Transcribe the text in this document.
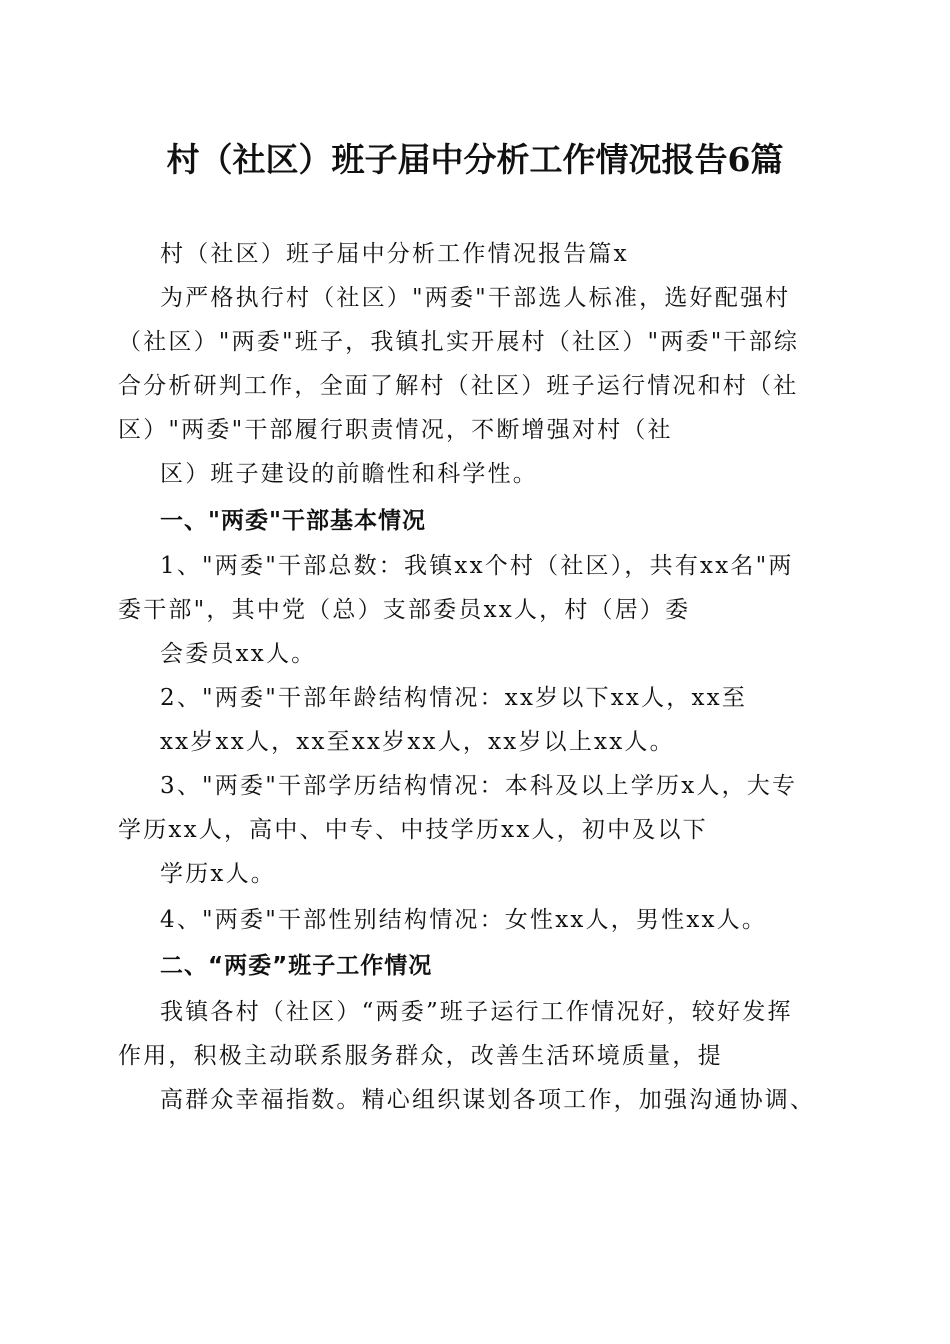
村（社区）班子届中分析工作情况报告6篇
村（社区）班子届中分析工作情况报告篇x
为严格执行村（社区）"两委"干部选人标准，选好配强村
（社区）"两委"班子，我镇扎实开展村（社区）"两委"干部综
合分析研判工作，全面了解村（社区）班子运行情况和村（社
区）"两委"干部履行职责情况，不断增强对村（社
区）班子建设的前瞻性和科学性。
一、"两委"干部基本情况
1、"两委"干部总数：我镇xx个村（社区），共有xx名"两
委干部"，其中党（总）支部委员xx人，村（居）委
会委员xx人。
2、"两委"干部年龄结构情况：xx岁以下xx人，xx至
xx岁xx人，xx至xx岁xx人，xx岁以上xx人。
3、"两委"干部学历结构情况：本科及以上学历x人，大专
学历xx人，高中、中专、中技学历xx人，初中及以下
学历x人。
4、"两委"干部性别结构情况：女性xx人，男性xx人。
二、“两委”班子工作情况
我镇各村（社区）“两委”班子运行工作情况好，较好发挥
作用，积极主动联系服务群众，改善生活环境质量，提
高群众幸福指数。精心组织谋划各项工作，加强沟通协调、
